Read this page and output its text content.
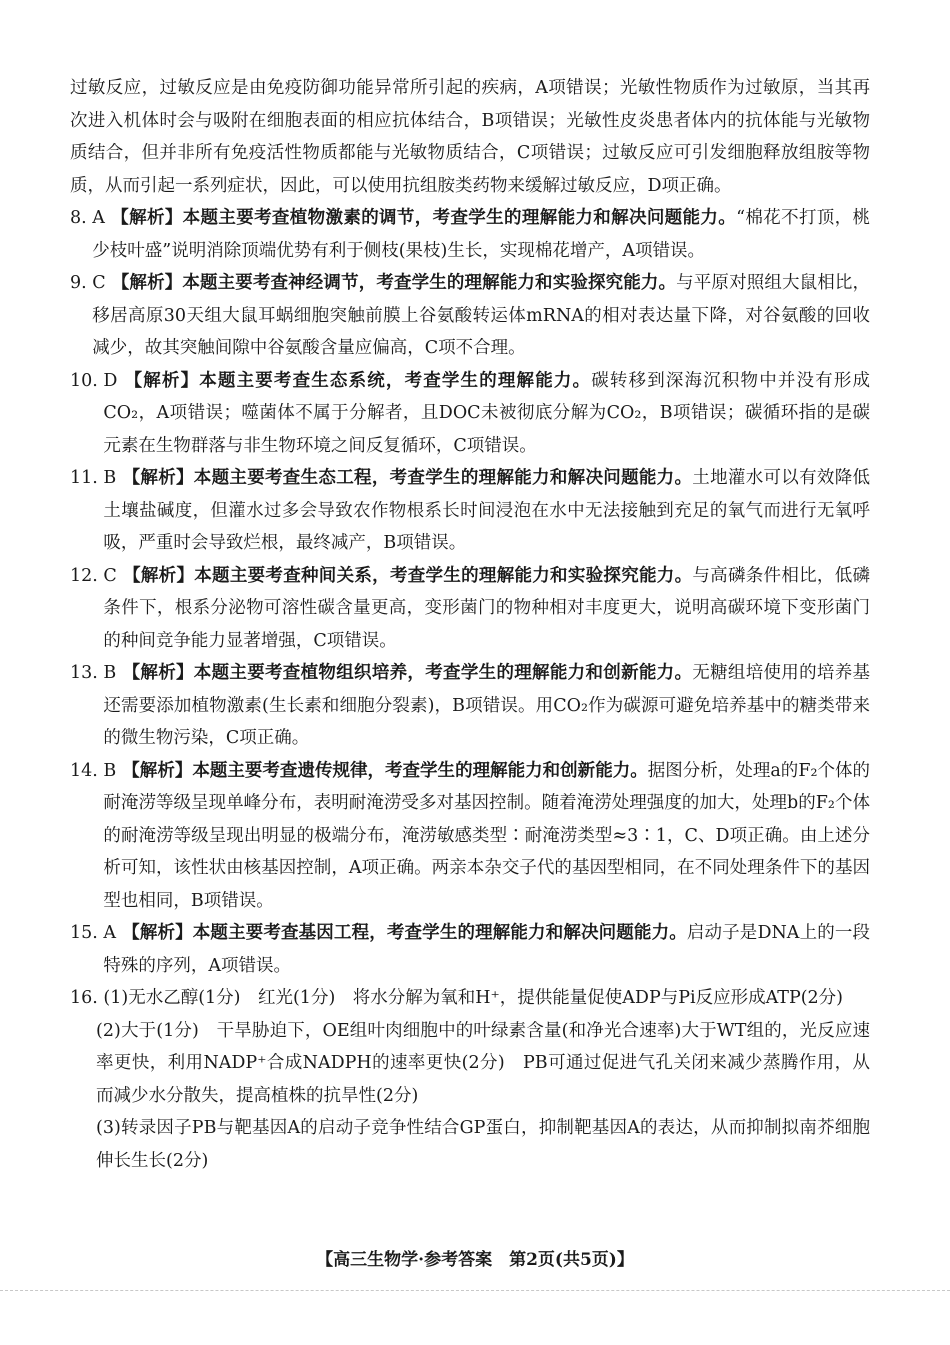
过敏反应，过敏反应是由免疫防御功能异常所引起的疾病，A项错误；光敏性物质作为过敏原，当其再次进入机体时会与吸附在细胞表面的相应抗体结合，B项错误；光敏性皮炎患者体内的抗体能与光敏物质结合，但并非所有免疫活性物质都能与光敏物质结合，C项错误；过敏反应可引发细胞释放组胺等物质，从而引起一系列症状，因此，可以使用抗组胺类药物来缓解过敏反应，D项正确。

8. A 【解析】本题主要考查植物激素的调节，考查学生的理解能力和解决问题能力。“棉花不打顶，桃少枝叶盛”说明消除顶端优势有利于侧枝(果枝)生长，实现棉花增产，A项错误。
9. C 【解析】本题主要考查神经调节，考查学生的理解能力和实验探究能力。与平原对照组大鼠相比，移居高原30天组大鼠耳蜗细胞突触前膜上谷氨酸转运体mRNA的相对表达量下降，对谷氨酸的回收减少，故其突触间隙中谷氨酸含量应偏高，C项不合理。
10. D 【解析】本题主要考查生态系统，考查学生的理解能力。碳转移到深海沉积物中并没有形成CO₂，A项错误；噬菌体不属于分解者，且DOC未被彻底分解为CO₂，B项错误；碳循环指的是碳元素在生物群落与非生物环境之间反复循环，C项错误。
11. B 【解析】本题主要考查生态工程，考查学生的理解能力和解决问题能力。土地灌水可以有效降低土壤盐碱度，但灌水过多会导致农作物根系长时间浸泡在水中无法接触到充足的氧气而进行无氧呼吸，严重时会导致烂根，最终减产，B项错误。
12. C 【解析】本题主要考查种间关系，考查学生的理解能力和实验探究能力。与高磷条件相比，低磷条件下，根系分泌物可溶性碳含量更高，变形菌门的物种相对丰度更大，说明高碳环境下变形菌门的种间竞争能力显著增强，C项错误。
13. B 【解析】本题主要考查植物组织培养，考查学生的理解能力和创新能力。无糖组培使用的培养基还需要添加植物激素(生长素和细胞分裂素)，B项错误。用CO₂作为碳源可避免培养基中的糖类带来的微生物污染，C项正确。
14. B 【解析】本题主要考查遗传规律，考查学生的理解能力和创新能力。据图分析，处理a的F₂个体的耐淹涝等级呈现单峰分布，表明耐淹涝受多对基因控制。随着淹涝处理强度的加大，处理b的F₂个体的耐淹涝等级呈现出明显的极端分布，淹涝敏感类型∶耐淹涝类型≈3∶1，C、D项正确。由上述分析可知，该性状由核基因控制，A项正确。两亲本杂交子代的基因型相同，在不同处理条件下的基因型也相同，B项错误。
15. A 【解析】本题主要考查基因工程，考查学生的理解能力和解决问题能力。启动子是DNA上的一段特殊的序列，A项错误。
16. (1)无水乙醇(1分)　红光(1分)　将水分解为氧和H⁺，提供能量促使ADP与Pi反应形成ATP(2分)

(2)大于(1分)　干旱胁迫下，OE组叶肉细胞中的叶绿素含量(和净光合速率)大于WT组的，光反应速率更快，利用NADP⁺合成NADPH的速率更快(2分)　PB可通过促进气孔关闭来减少蒸腾作用，从而减少水分散失，提高植株的抗旱性(2分)

(3)转录因子PB与靶基因A的启动子竞争性结合GP蛋白，抑制靶基因A的表达，从而抑制拟南芥细胞伸长生长(2分)

【高三生物学·参考答案　第2页(共5页)】
